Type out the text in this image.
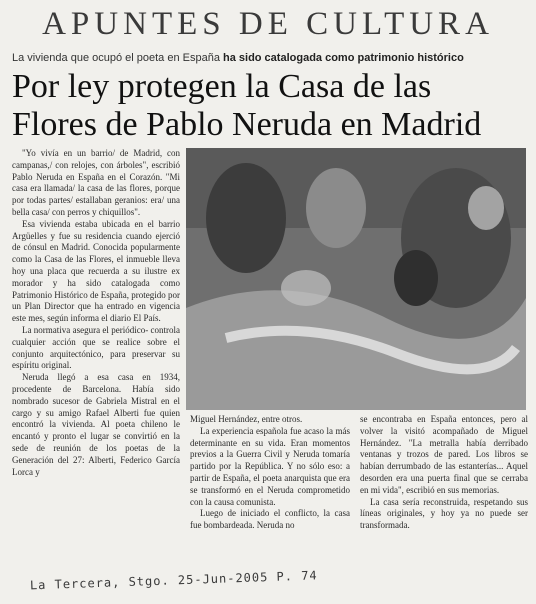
APUNTES DE CULTURA
La vivienda que ocupó el poeta en España ha sido catalogada como patrimonio histórico
Por ley protegen la Casa de las
Flores de Pablo Neruda en Madrid

"Yo vivía en un barrio/ de Madrid, con campanas,/ con relojes, con árboles", escribió Pablo Neruda en España en el Corazón. "Mi casa era llamada/ la casa de las flores, porque por todas partes/ estallaban geranios: era/ una bella casa/ con perros y chiquillos".

Esa vivienda estaba ubicada en el barrio Argüelles y fue su residencia cuando ejerció de cónsul en Madrid. Conocida popularmente como la Casa de las Flores, el inmueble lleva hoy una placa que recuerda a su ilustre ex morador y ha sido catalogada como Patrimonio Histórico de España, protegido por un Plan Director que ha entrado en vigencia este mes, según informa el diario El País.

La normativa asegura el periódico- controla cualquier acción que se realice sobre el conjunto arquitectónico, para preservar su espíritu original.

Neruda llegó a esa casa en 1934, procedente de Barcelona. Había sido nombrado sucesor de Gabriela Mistral en el cargo y su amigo Rafael Alberti fue quien encontró la vivienda. Al poeta chileno le encantó y pronto el lugar se convirtió en la sede de reunión de los poetas de la Generación del 27: Alberti, Federico García Lorca y

Miguel Hernández, entre otros.

La experiencia española fue acaso la más determinante en su vida. Eran momentos previos a la Guerra Civil y Neruda tomaría partido por la República. Y no sólo eso: a partir de España, el poeta anarquista que era se transformó en el Neruda comprometido con la causa comunista.

Luego de iniciado el conflicto, la casa fue bombardeada. Neruda no

se encontraba en España entonces, pero al volver la visitó acompañado de Miguel Hernández. "La metralla había derribado ventanas y trozos de pared. Los libros se habían derrumbado de las estanterías... Aquel desorden era una puerta final que se cerraba en mi vida", escribió en sus memorias.

La casa sería reconstruida, respetando sus líneas originales, y hoy ya no puede ser transformada.

La Tercera, Stgo. 25-Jun-2005 P. 74
